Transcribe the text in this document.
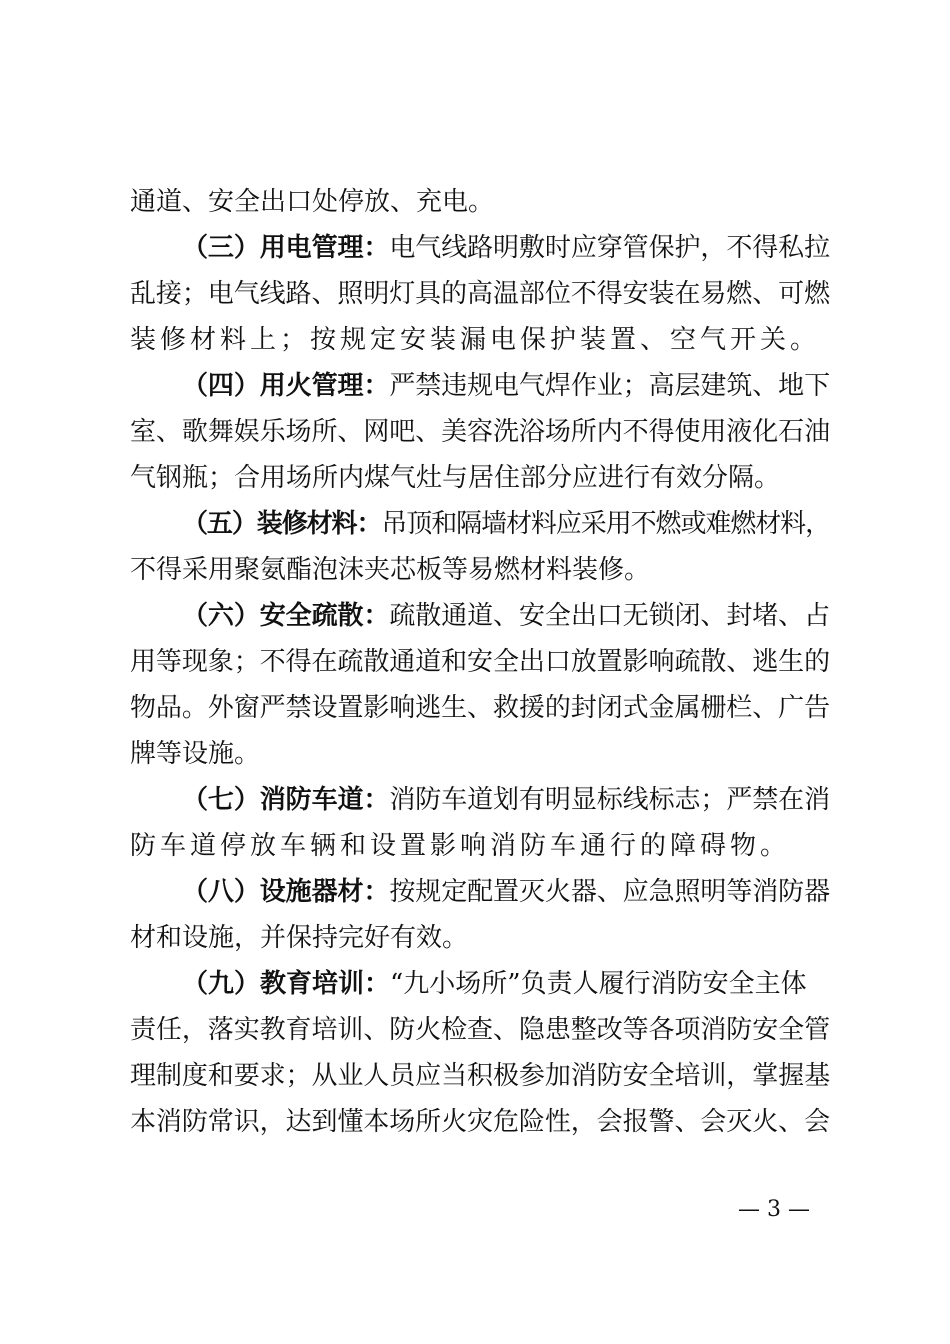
通道、安全出口处停放、充电。
（三）用电管理：电气线路明敷时应穿管保护，不得私拉
乱接；电气线路、照明灯具的高温部位不得安装在易燃、可燃
装修材料上；按规定安装漏电保护装置、空气开关。
（四）用火管理：严禁违规电气焊作业；高层建筑、地下
室、歌舞娱乐场所、网吧、美容洗浴场所内不得使用液化石油
气钢瓶；合用场所内煤气灶与居住部分应进行有效分隔。
（五）装修材料：吊顶和隔墙材料应采用不燃或难燃材料，
不得采用聚氨酯泡沫夹芯板等易燃材料装修。
（六）安全疏散：疏散通道、安全出口无锁闭、封堵、占
用等现象；不得在疏散通道和安全出口放置影响疏散、逃生的
物品。外窗严禁设置影响逃生、救援的封闭式金属栅栏、广告
牌等设施。
（七）消防车道：消防车道划有明显标线标志；严禁在消
防车道停放车辆和设置影响消防车通行的障碍物。
（八）设施器材：按规定配置灭火器、应急照明等消防器
材和设施，并保持完好有效。
（九）教育培训：“九小场所”负责人履行消防安全主体
责任，落实教育培训、防火检查、隐患整改等各项消防安全管
理制度和要求；从业人员应当积极参加消防安全培训，掌握基
本消防常识，达到懂本场所火灾危险性，会报警、会灭火、会
— 3 —
